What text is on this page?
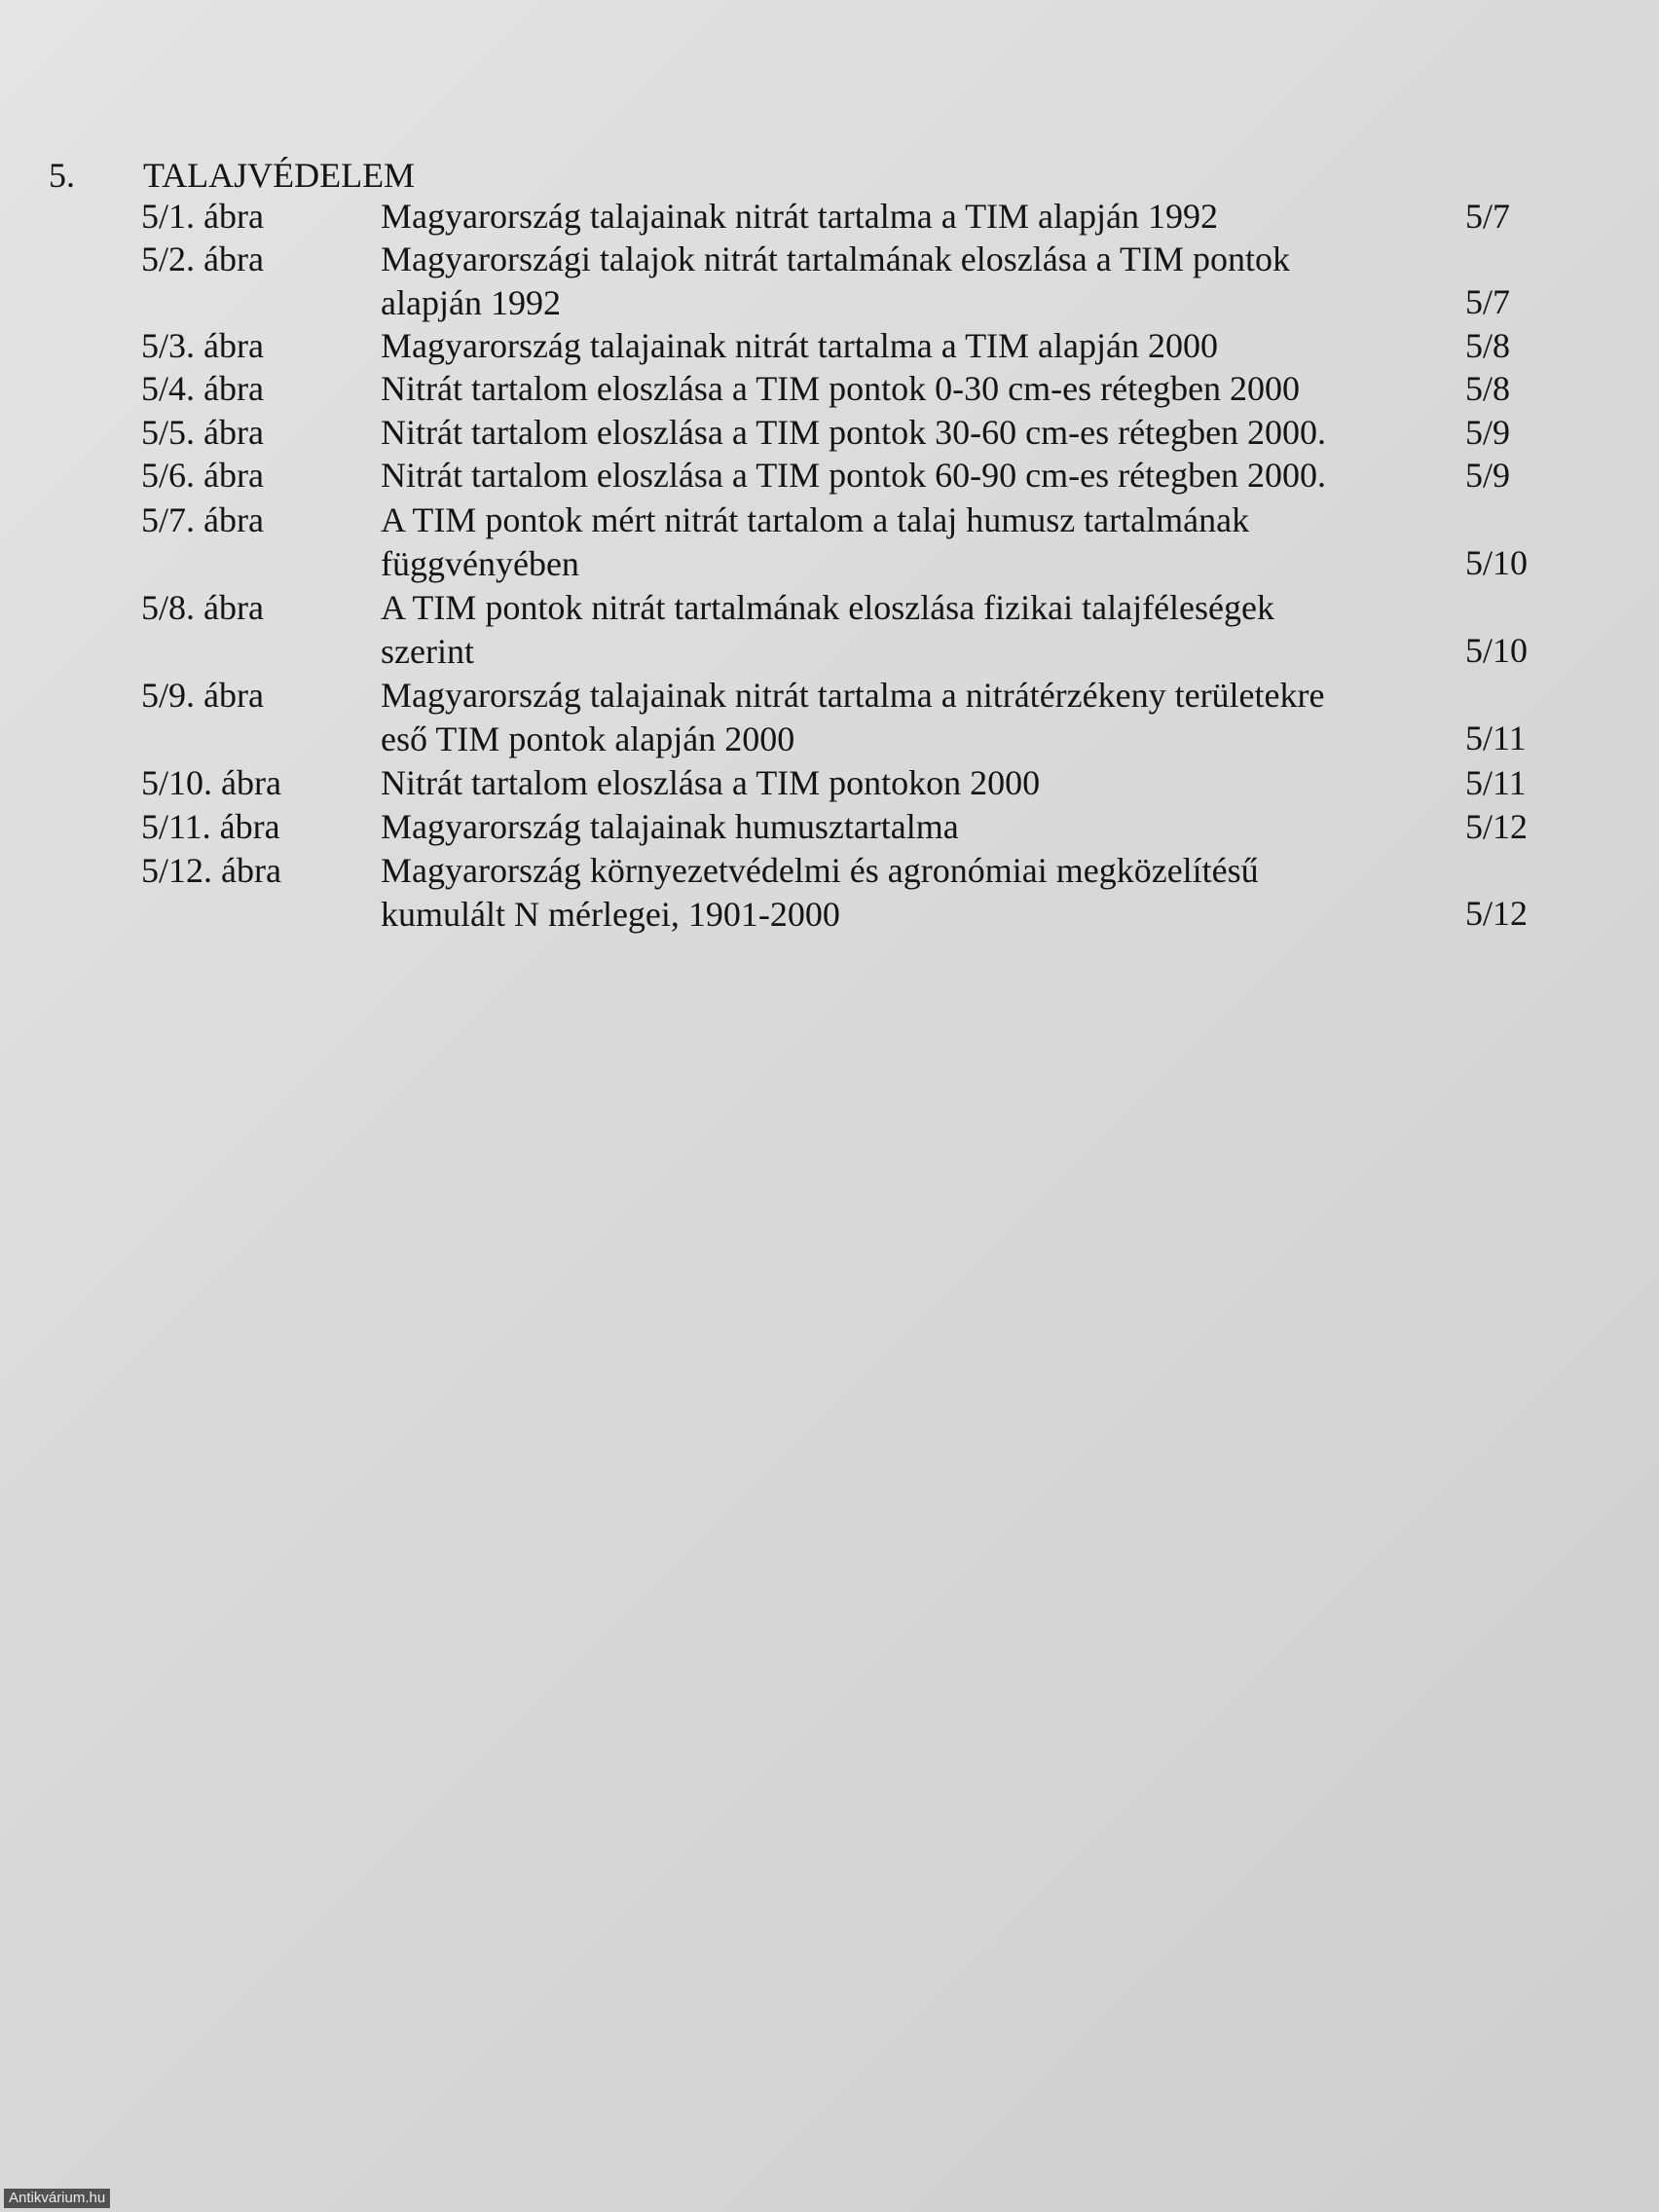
5. TALAJVÉDELEM
5/1. ábra	Magyarország talajainak nitrát tartalma a TIM alapján 1992	5/7
5/2. ábra	Magyarországi talajok nitrát tartalmának eloszlása a TIM pontok
alapján 1992	5/7
5/3. ábra	Magyarország talajainak nitrát tartalma a TIM alapján 2000	5/8
5/4. ábra	Nitrát tartalom eloszlása a TIM pontok 0-30 cm-es rétegben 2000	5/8
5/5. ábra	Nitrát tartalom eloszlása a TIM pontok 30-60 cm-es rétegben 2000.	5/9
5/6. ábra	Nitrát tartalom eloszlása a TIM pontok 60-90 cm-es rétegben 2000.	5/9
5/7. ábra	A TIM pontok mért nitrát tartalom a talaj humusz tartalmának
függvényében	5/10
5/8. ábra	A TIM pontok nitrát tartalmának eloszlása fizikai talajféleségek
szerint	5/10
5/9. ábra	Magyarország talajainak nitrát tartalma a nitrátérzékeny területekre
eső TIM pontok alapján 2000	5/11
5/10. ábra	Nitrát tartalom eloszlása a TIM pontokon 2000	5/11
5/11. ábra	Magyarország talajainak humusztartalma	5/12
5/12. ábra	Magyarország környezetvédelmi és agronómiai megközelítésű
kumulált N mérlegei, 1901-2000	5/12
Antikvárium.hu
